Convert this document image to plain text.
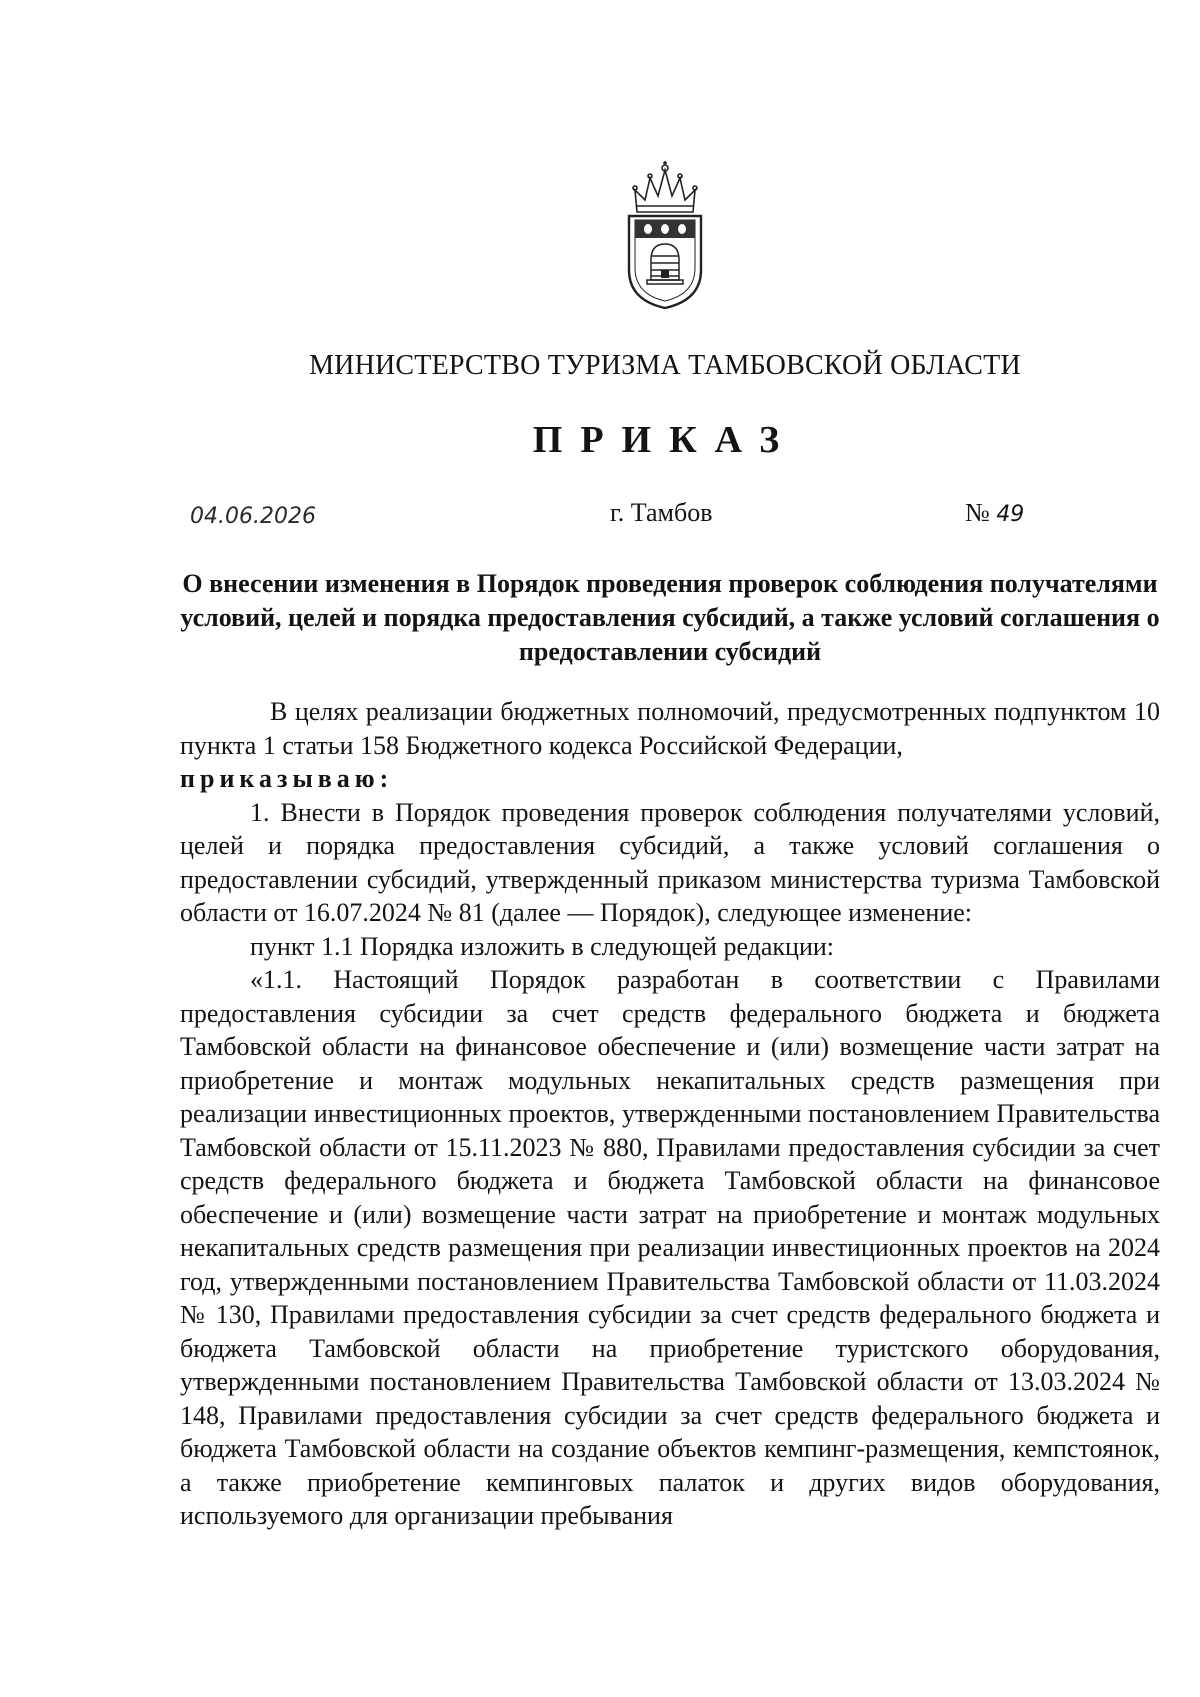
МИНИСТЕРСТВО ТУРИЗМА ТАМБОВСКОЙ ОБЛАСТИ
ПРИКАЗ
04.06.2026	г. Тамбов	№ 49
О внесении изменения в Порядок проведения проверок соблюдения получателями условий, целей и порядка предоставления субсидий, а также условий соглашения о предоставлении субсидий

В целях реализации бюджетных полномочий, предусмотренных подпунктом 10 пункта 1 статьи 158 Бюджетного кодекса Российской Федерации,

приказываю:

1. Внести в Порядок проведения проверок соблюдения получателями условий, целей и порядка предоставления субсидий, а также условий соглашения о предоставлении субсидий, утвержденный приказом министерства туризма Тамбовской области от 16.07.2024 № 81 (далее — Порядок), следующее изменение:

пункт 1.1 Порядка изложить в следующей редакции:

«1.1. Настоящий Порядок разработан в соответствии с Правилами предоставления субсидии за счет средств федерального бюджета и бюджета Тамбовской области на финансовое обеспечение и (или) возмещение части затрат на приобретение и монтаж модульных некапитальных средств размещения при реализации инвестиционных проектов, утвержденными постановлением Правительства Тамбовской области от 15.11.2023 № 880, Правилами предоставления субсидии за счет средств федерального бюджета и бюджета Тамбовской области на финансовое обеспечение и (или) возмещение части затрат на приобретение и монтаж модульных некапитальных средств размещения при реализации инвестиционных проектов на 2024 год, утвержденными постановлением Правительства Тамбовской области от 11.03.2024 № 130, Правилами предоставления субсидии за счет средств федерального бюджета и бюджета Тамбовской области на приобретение туристского оборудования, утвержденными постановлением Правительства Тамбовской области от 13.03.2024 № 148, Правилами предоставления субсидии за счет средств федерального бюджета и бюджета Тамбовской области на создание объектов кемпинг-размещения, кемпстоянок, а также приобретение кемпинговых палаток и других видов оборудования, используемого для организации пребывания
